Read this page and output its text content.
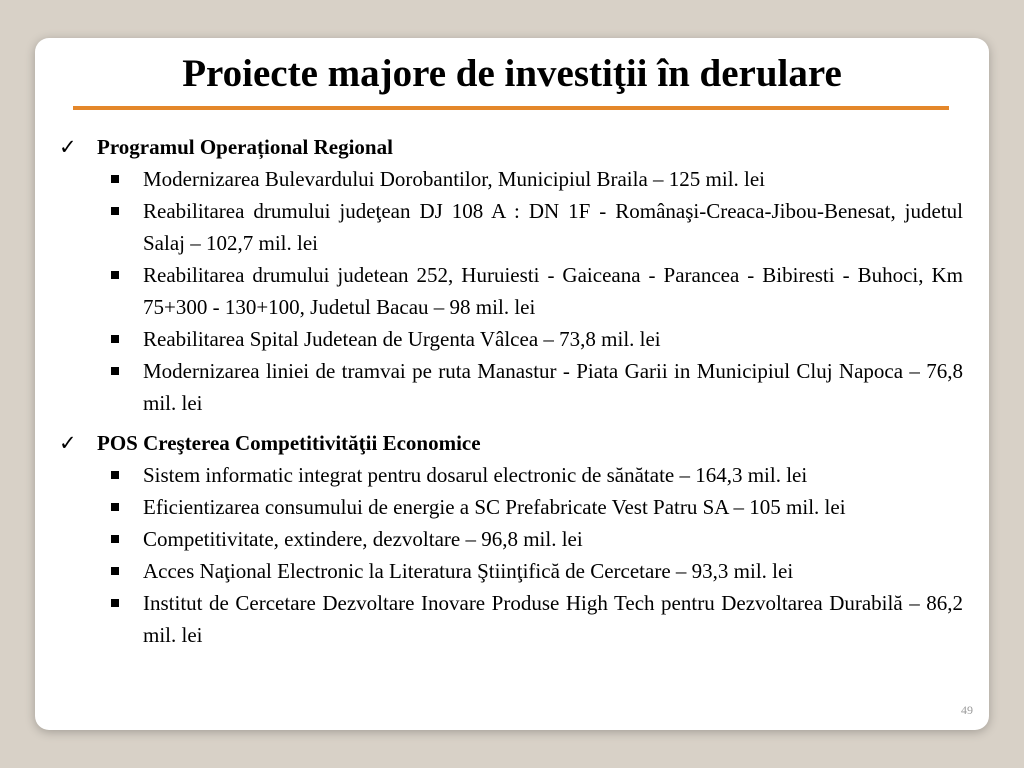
Proiecte majore de investiţii în derulare
✓ Programul Operațional Regional
Modernizarea Bulevardului Dorobantilor, Municipiul Braila – 125 mil. lei
Reabilitarea drumului judeţean DJ 108 A : DN 1F - Românaşi-Creaca-Jibou-Benesat, judetul Salaj – 102,7 mil. lei
Reabilitarea drumului judetean 252, Huruiesti - Gaiceana - Parancea - Bibiresti - Buhoci, Km 75+300 - 130+100, Judetul Bacau – 98 mil. lei
Reabilitarea Spital Judetean de Urgenta Vâlcea – 73,8 mil. lei
Modernizarea liniei de tramvai pe ruta Manastur - Piata Garii in Municipiul Cluj Napoca – 76,8 mil. lei
✓ POS Creşterea Competitivităţii Economice
Sistem informatic integrat pentru dosarul electronic de sănătate – 164,3 mil. lei
Eficientizarea consumului de energie a SC Prefabricate Vest Patru SA – 105 mil. lei
Competitivitate, extindere, dezvoltare – 96,8 mil. lei
Acces Naţional Electronic la Literatura Ştiinţifică de Cercetare – 93,3 mil. lei
Institut de Cercetare Dezvoltare Inovare Produse High Tech pentru Dezvoltarea Durabilă – 86,2 mil. lei
49
